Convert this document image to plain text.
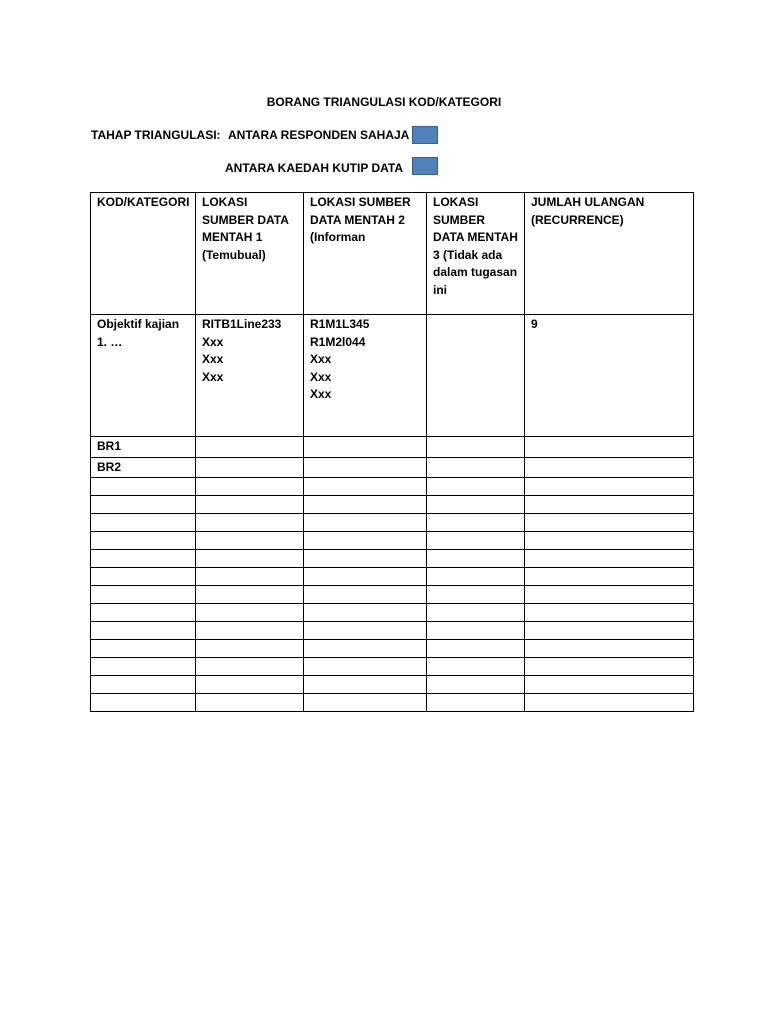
BORANG TRIANGULASI KOD/KATEGORI
TAHAP TRIANGULASI: ANTARA RESPONDEN SAHAJA
ANTARA KAEDAH KUTIP DATA
KOD/KATEGORI	LOKASI SUMBER DATA MENTAH 1 (Temubual)	LOKASI SUMBER DATA MENTAH 2 (Informan	LOKASI SUMBER DATA MENTAH 3 (Tidak ada dalam tugasan ini	JUMLAH ULANGAN (RECURRENCE)
Objektif kajian 1. …	RITB1Line233
Xxx
Xxx
Xxx	R1M1L345
R1M2l044
Xxx
Xxx
Xxx		9
BR1				
BR2				
